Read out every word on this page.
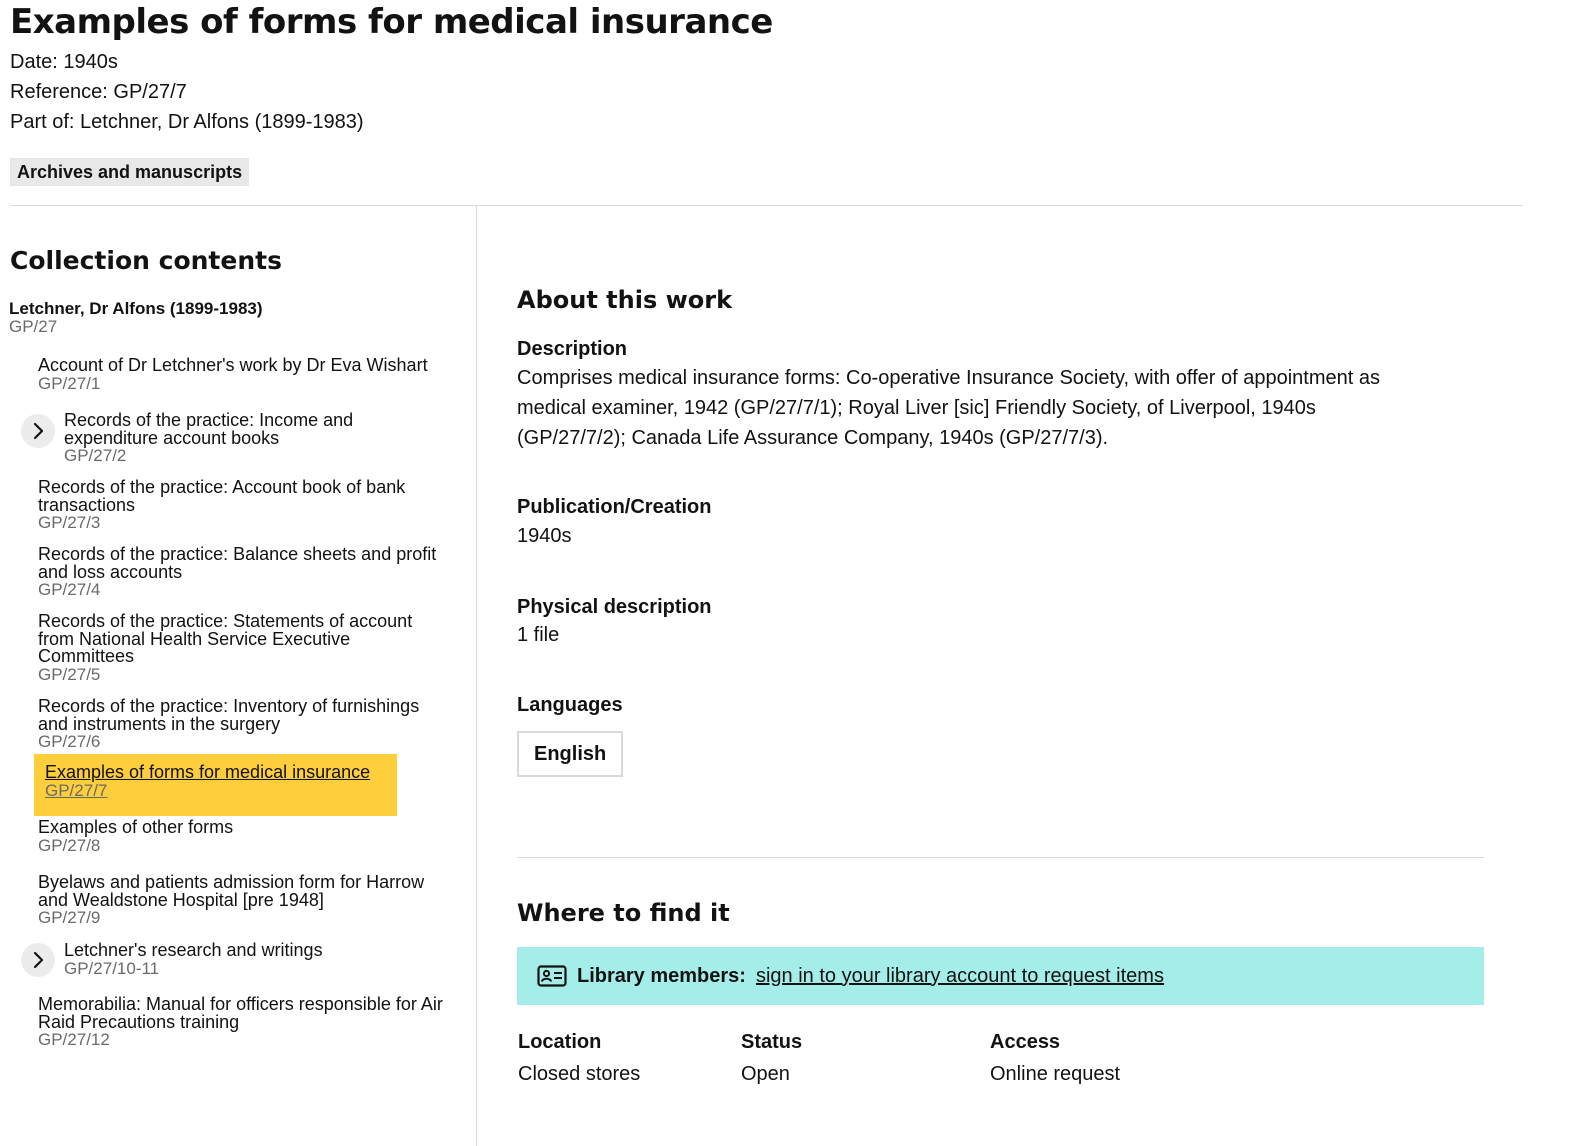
Examples of forms for medical insurance
Date: 1940s
Reference: GP/27/7
Part of: Letchner, Dr Alfons (1899-1983)
Archives and manuscripts
Collection contents
Letchner, Dr Alfons (1899-1983)
GP/27
Account of Dr Letchner's work by Dr Eva Wishart
GP/27/1
Records of the practice: Income and expenditure account books
GP/27/2
Records of the practice: Account book of bank transactions
GP/27/3
Records of the practice: Balance sheets and profit and loss accounts
GP/27/4
Records of the practice: Statements of account from National Health Service Executive Committees
GP/27/5
Records of the practice: Inventory of furnishings and instruments in the surgery
GP/27/6
Examples of forms for medical insurance
GP/27/7
Examples of other forms
GP/27/8
Byelaws and patients admission form for Harrow and Wealdstone Hospital [pre 1948]
GP/27/9
Letchner's research and writings
GP/27/10-11
Memorabilia: Manual for officers responsible for Air Raid Precautions training
GP/27/12
About this work
Description
Comprises medical insurance forms: Co-operative Insurance Society, with offer of appointment as medical examiner, 1942 (GP/27/7/1); Royal Liver [sic] Friendly Society, of Liverpool, 1940s (GP/27/7/2); Canada Life Assurance Company, 1940s (GP/27/7/3).
Publication/Creation
1940s
Physical description
1 file
Languages
English
Where to find it
Library members: sign in to your library account to request items
Location
Closed stores
Status
Open
Access
Online request
